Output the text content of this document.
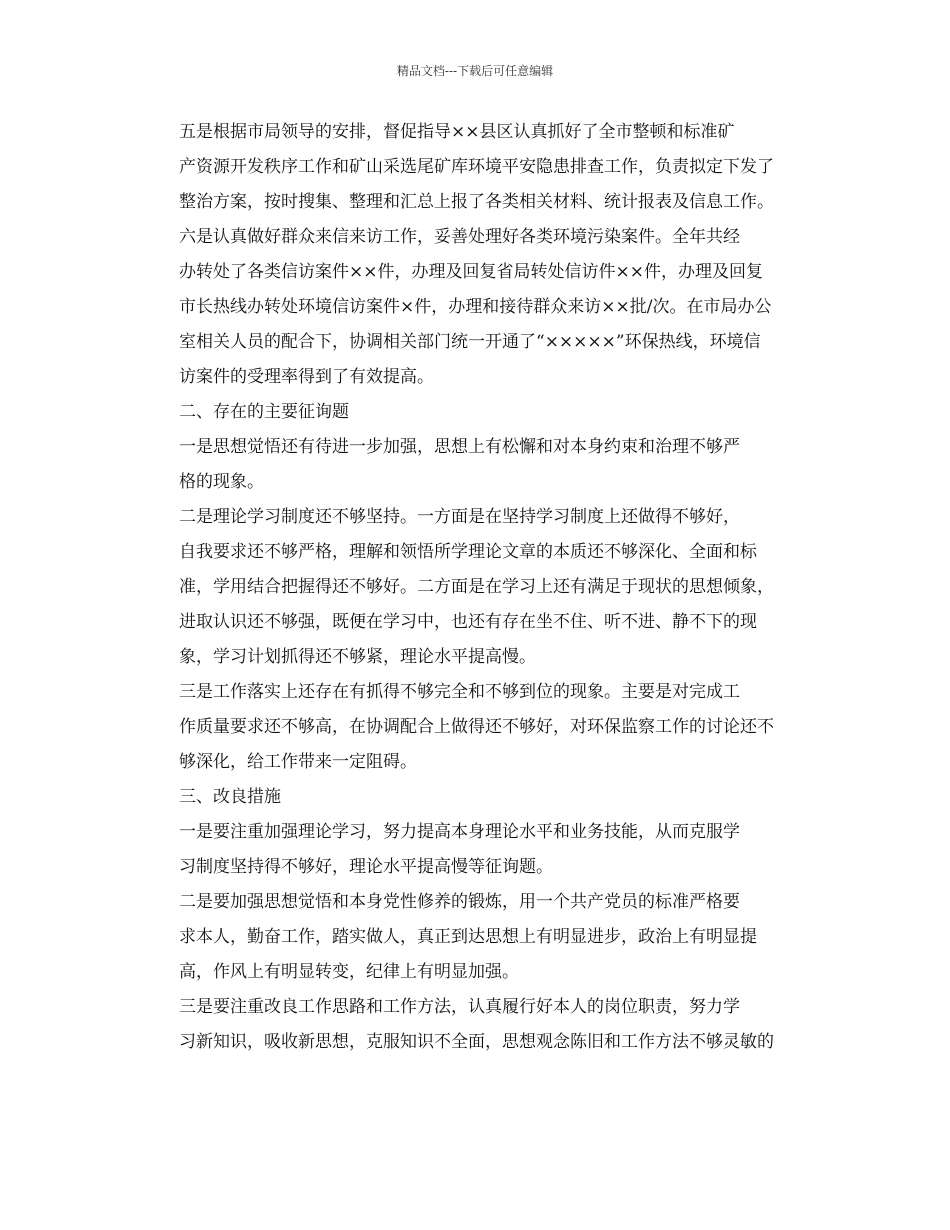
精品文档---下载后可任意编辑

五是根据市局领导的安排，督促指导××县区认真抓好了全市整顿和标准矿
产资源开发秩序工作和矿山采选尾矿库环境平安隐患排查工作，负责拟定下发了
整治方案，按时搜集、整理和汇总上报了各类相关材料、统计报表及信息工作。

六是认真做好群众来信来访工作，妥善处理好各类环境污染案件。全年共经
办转处了各类信访案件××件，办理及回复省局转处信访件××件，办理及回复
市长热线办转处环境信访案件×件，办理和接待群众来访××批/次。在市局办公
室相关人员的配合下，协调相关部门统一开通了“×××××”环保热线，环境信
访案件的受理率得到了有效提高。

二、存在的主要征询题

一是思想觉悟还有待进一步加强，思想上有松懈和对本身约束和治理不够严
格的现象。

二是理论学习制度还不够坚持。一方面是在坚持学习制度上还做得不够好，
自我要求还不够严格，理解和领悟所学理论文章的本质还不够深化、全面和标
准，学用结合把握得还不够好。二方面是在学习上还有满足于现状的思想倾象，
进取认识还不够强，既便在学习中，也还有存在坐不住、听不进、静不下的现
象，学习计划抓得还不够紧，理论水平提高慢。

三是工作落实上还存在有抓得不够完全和不够到位的现象。主要是对完成工
作质量要求还不够高，在协调配合上做得还不够好，对环保监察工作的讨论还不
够深化，给工作带来一定阻碍。

三、改良措施

一是要注重加强理论学习，努力提高本身理论水平和业务技能，从而克服学
习制度坚持得不够好，理论水平提高慢等征询题。

二是要加强思想觉悟和本身党性修养的锻炼，用一个共产党员的标准严格要
求本人，勤奋工作，踏实做人，真正到达思想上有明显进步，政治上有明显提
高，作风上有明显转变，纪律上有明显加强。

三是要注重改良工作思路和工作方法，认真履行好本人的岗位职责，努力学
习新知识，吸收新思想，克服知识不全面，思想观念陈旧和工作方法不够灵敏的
